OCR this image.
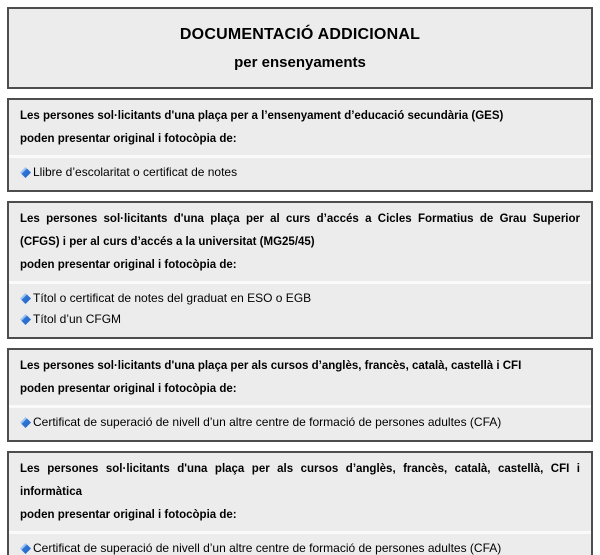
DOCUMENTACIÓ ADDICIONAL
per ensenyaments
Les persones sol·licitants d'una plaça per a l’ensenyament d’educació secundària (GES)
poden presentar original i fotocòpia de:
Llibre d’escolaritat o certificat de notes
Les persones sol·licitants d'una plaça per al curs d’accés a Cicles Formatius de Grau Superior
(CFGS) i per al curs d’accés a la universitat (MG25/45)
poden presentar original i fotocòpia de:
Títol o certificat de notes del graduat en ESO o EGB
Títol d’un CFGM
Les persones sol·licitants d'una plaça per als cursos d’anglès, francès, català, castellà i CFI
poden presentar original i fotocòpia de:
Certificat de superació de nivell d’un altre centre de formació de persones adultes (CFA)
Les persones sol·licitants d'una plaça per als cursos d’anglès, francès, català, castellà, CFI i
informàtica
poden presentar original i fotocòpia de:
Certificat de superació de nivell d’un altre centre de formació de persones adultes (CFA)
